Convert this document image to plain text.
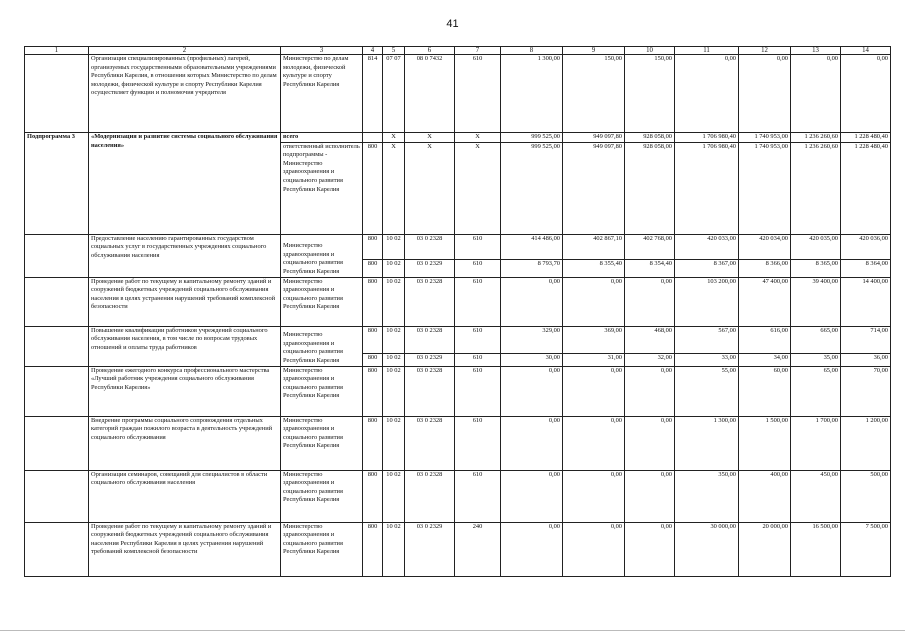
41
1	2	3	4	5	6	7	8	9	10	11	12	13	14
	Организация специализированных (профильных) лагерей, организуемых государственными образовательными учреждениями Республики Карелия, в отношении которых Министерство по делам молодежи, физической культуре и спорту Республики Карелия осуществляет функции и полномочия учредителя	Министерство по делам молодежи, физической культуре и спорту Республики Карелия	814	07 07	08 0 7432	610	1 300,00	150,00	150,00	0,00	0,00	0,00	0,00
Подпрограмма 3	«Модернизация и развитие системы социального обслуживания населения»	всего		X	X	X	999 525,00	949 097,80	928 058,00	1 706 980,40	1 740 953,00	1 236 260,60	1 228 480,40
		ответственный исполнитель подпрограммы - Министерство здравоохранения и социального развития Республики Карелия	800	X	X	X	999 525,00	949 097,80	928 058,00	1 706 980,40	1 740 953,00	1 236 260,60	1 228 480,40
	Предоставление населению гарантированных государством социальных услуг в государственных учреждениях социального обслуживания населения	Министерство здравоохранения и социального развития Республики Карелия	800	10 02	03 0 2328	610	414 486,00	402 867,10	402 768,00	420 033,00	420 034,00	420 035,00	420 036,00
			800	10 02	03 0 2329	610	8 793,70	8 355,40	8 354,40	8 367,00	8 366,00	8 365,00	8 364,00
	Проведение работ по текущему и капитальному ремонту зданий и сооружений бюджетных учреждений социального обслуживания населения в целях устранения нарушений требований комплексной безопасности	Министерство здравоохранения и социального развития Республики Карелия	800	10 02	03 0 2328	610	0,00	0,00	0,00	103 200,00	47 400,00	39 400,00	14 400,00
	Повышение квалификации работников учреждений социального обслуживания населения, в том числе по вопросам трудовых отношений и оплаты труда работников	Министерство здравоохранения и социального развития Республики Карелия	800	10 02	03 0 2328	610	329,00	369,00	468,00	567,00	616,00	665,00	714,00
			800	10 02	03 0 2329	610	30,00	31,00	32,00	33,00	34,00	35,00	36,00
	Проведение ежегодного конкурса профессионального мастерства «Лучший работник учреждения социального обслуживания Республики Карелия»	Министерство здравоохранения и социального развития Республики Карелия	800	10 02	03 0 2328	610	0,00	0,00	0,00	55,00	60,00	65,00	70,00
	Внедрение программы социального сопровождения отдельных категорий граждан пожилого возраста в деятельность учреждений социального обслуживания	Министерство здравоохранения и социального развития Республики Карелия	800	10 02	03 0 2328	610	0,00	0,00	0,00	1 300,00	1 500,00	1 700,00	1 200,00
	Организация семинаров, совещаний для специалистов в области социального обслуживания населения	Министерство здравоохранения и социального развития Республики Карелия	800	10 02	03 0 2328	610	0,00	0,00	0,00	350,00	400,00	450,00	500,00
	Проведение работ по текущему и капитальному ремонту зданий и сооружений бюджетных учреждений социального обслуживания населения Республики Карелия в целях устранения нарушений требований комплексной безопасности	Министерство здравоохранения и социального развития Республики Карелия	800	10 02	03 0 2329	240	0,00	0,00	0,00	30 000,00	20 000,00	16 500,00	7 500,00
